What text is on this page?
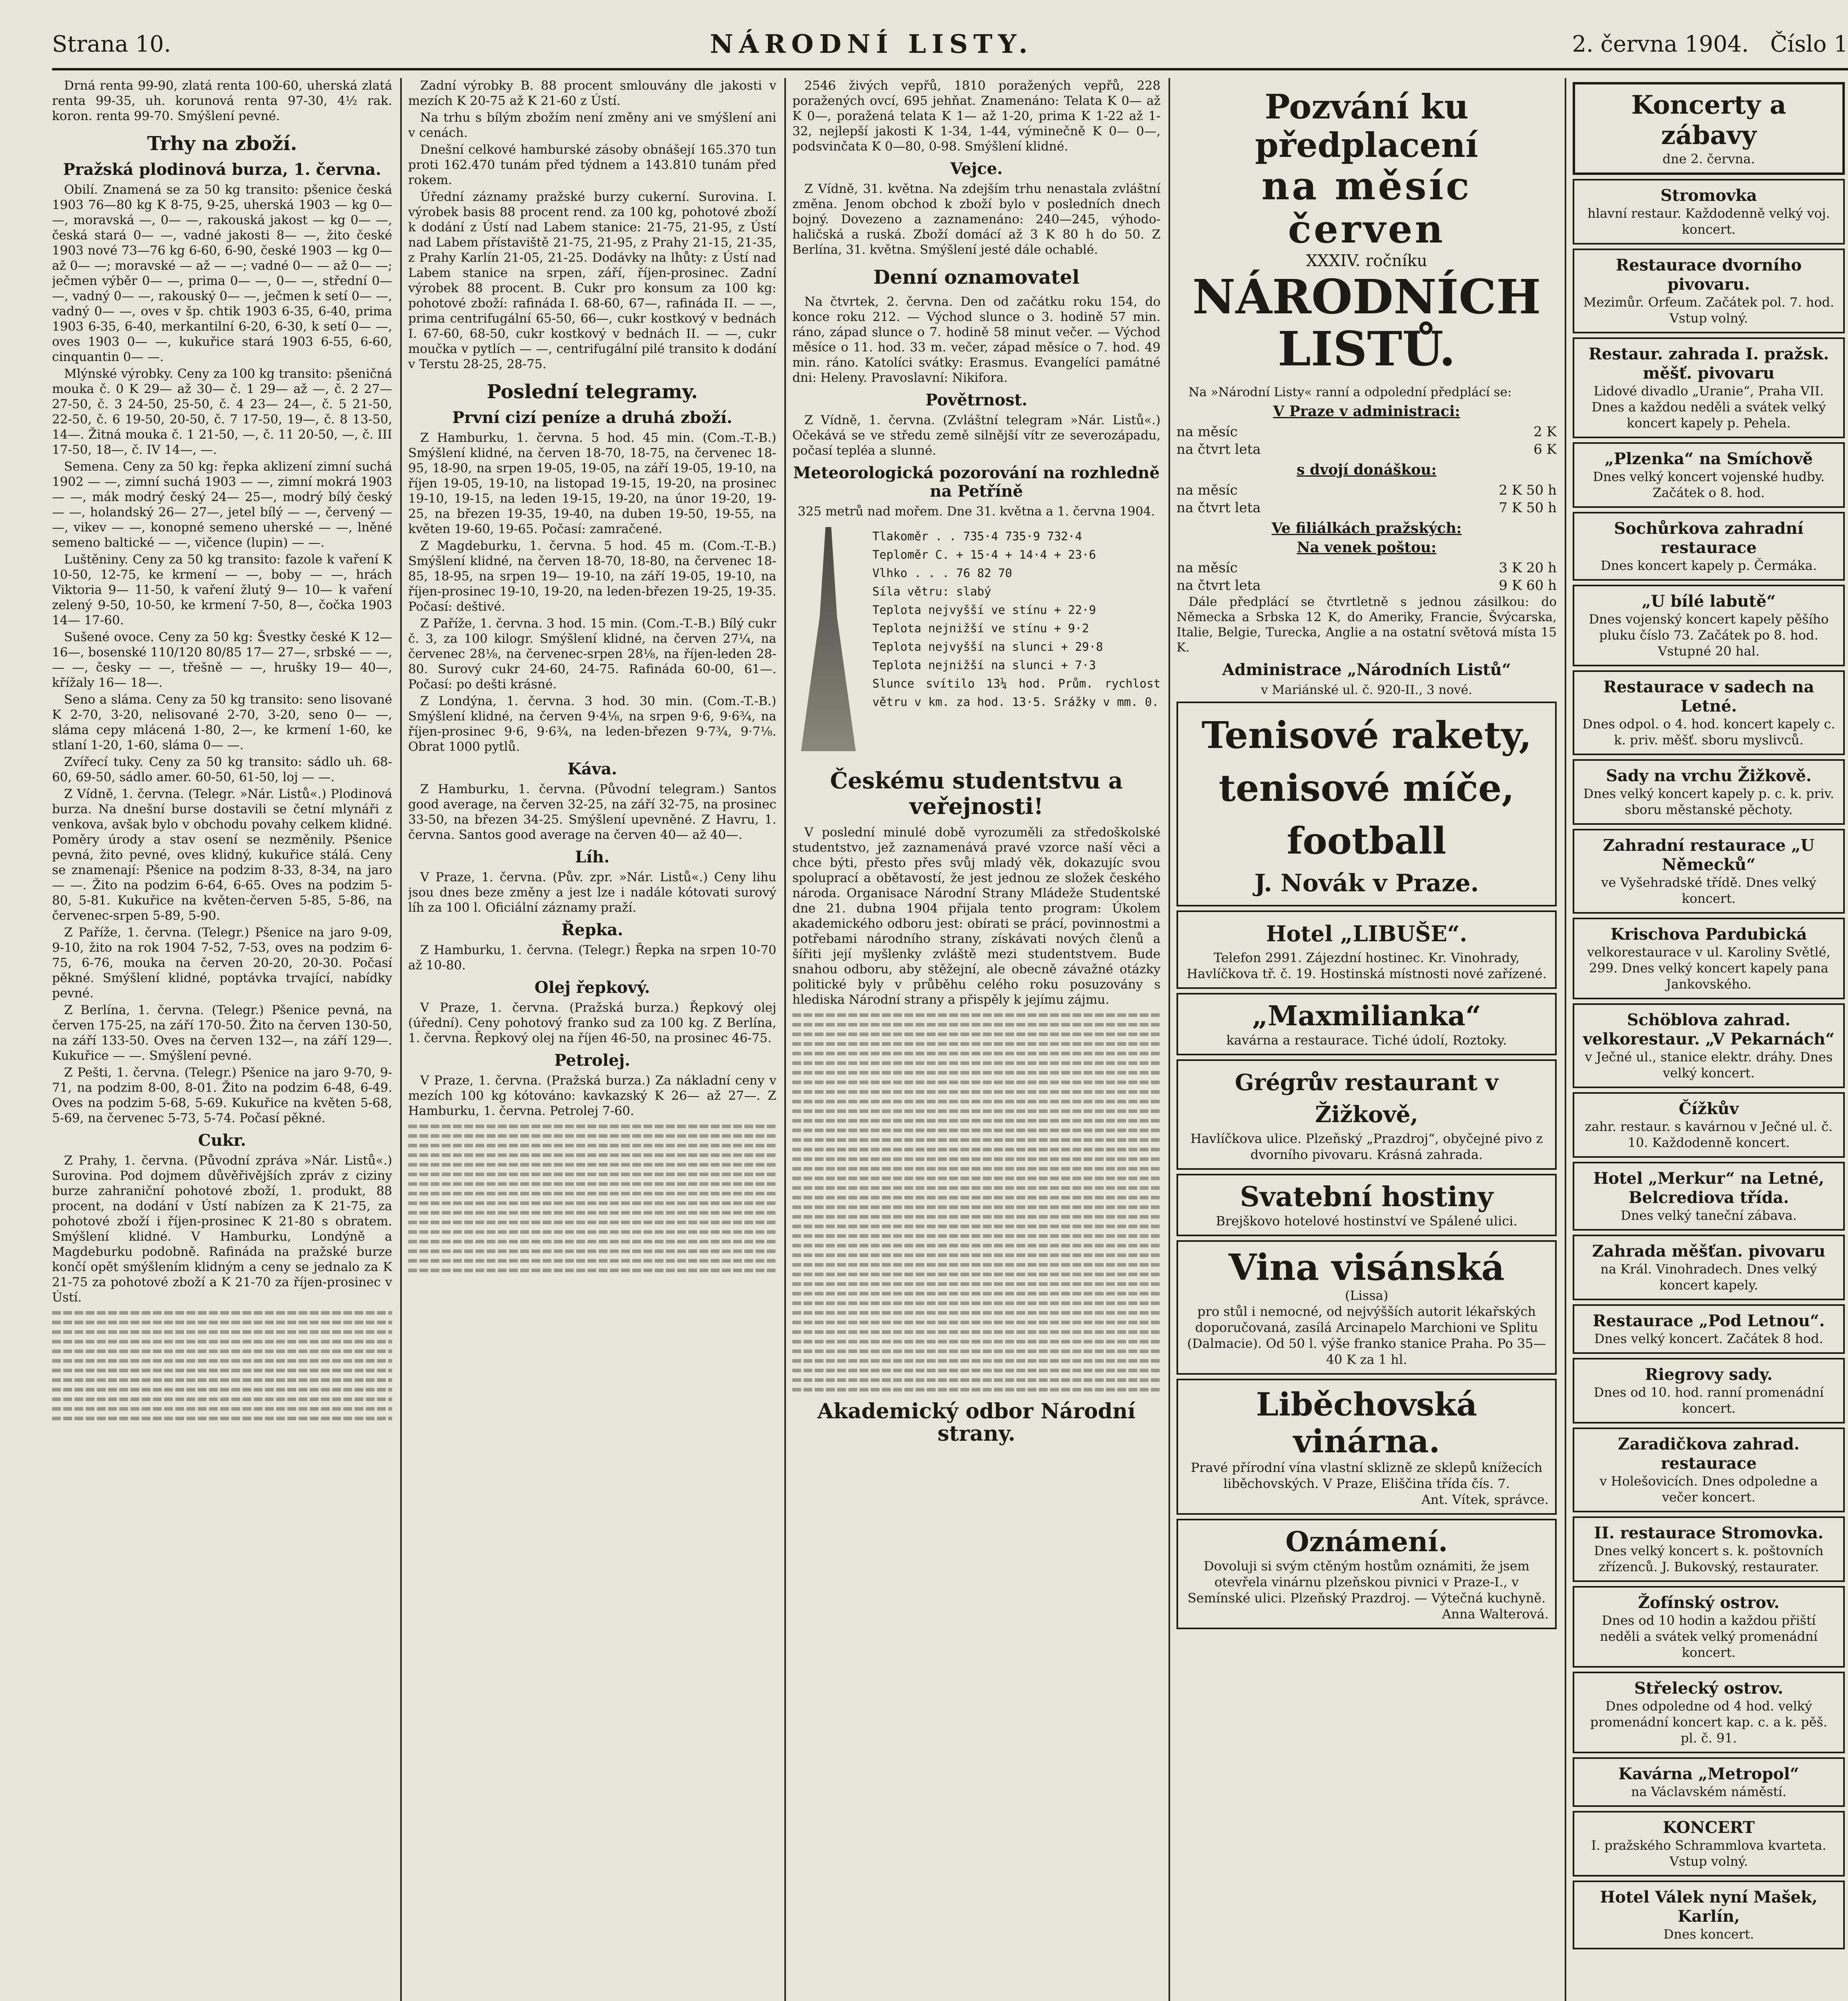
Strana 10.	NÁRODNÍ LISTY.	2. června 1904. Číslo 1

Drná renta 99-90, zlatá renta 100-60, uherská zlatá renta 99-35, uh. korunová renta 97-30, 4½ rak. koron. renta 99-70. Smýšlení pevné.

Trhy na zboží.
Pražská plodinová burza, 1. června.

Obilí. Znamená se za 50 kg transito: pšenice česká 1903 76—80 kg K 8-75, 9-25, uherská 1903 — kg 0— —, moravská —, 0— —, rakouská jakost — kg 0— —, česká stará 0— —, vadné jakosti 8— —, žito české 1903 nové 73—76 kg 6-60, 6-90, české 1903 — kg 0— až 0— —; moravské — až — —; vadné 0— — až 0— —; ječmen výběr 0— —, prima 0— —, 0— —, střední 0— —, vadný 0— —, rakouský 0— —, ječmen k setí 0— —, vadný 0— —, oves v šp. chtik 1903 6-35, 6-40, prima 1903 6-35, 6-40, merkantilní 6-20, 6-30, k setí 0— —, oves 1903 0— —, kukuřice stará 1903 6-55, 6-60, cinquantin 0— —.

Mlýnské výrobky. Ceny za 100 kg transito: pšeničná mouka č. 0 K 29— až 30— č. 1 29— až —, č. 2 27— 27-50, č. 3 24-50, 25-50, č. 4 23— 24—, č. 5 21-50, 22-50, č. 6 19-50, 20-50, č. 7 17-50, 19—, č. 8 13-50, 14—. Žitná mouka č. 1 21-50, —, č. 11 20-50, —, č. III 17-50, 18—, č. IV 14—, —.

Semena. Ceny za 50 kg: řepka aklizení zimní suchá 1902 — —, zimní suchá 1903 — —, zimní mokrá 1903 — —, mák modrý český 24— 25—, modrý bílý český — —, holandský 26— 27—, jetel bílý — —, červený — —, vikev — —, konopné semeno uherské — —, lněné semeno baltické — —, vičence (lupin) — —.

Luštěniny. Ceny za 50 kg transito: fazole k vaření K 10-50, 12-75, ke krmení — —, boby — —, hrách Viktoria 9— 11-50, k vaření žlutý 9— 10— k vaření zelený 9-50, 10-50, ke krmení 7-50, 8—, čočka 1903 14— 17-60.

Sušené ovoce. Ceny za 50 kg: Švestky české K 12— 16—, bosenské 110/120 80/85 17— 27—, srbské — —, — —, česky — —, třešně — —, hrušky 19— 40—, křížaly 16— 18—.

Seno a sláma. Ceny za 50 kg transito: seno lisované K 2-70, 3-20, nelisované 2-70, 3-20, seno 0— —, sláma cepy mlácená 1-80, 2—, ke krmení 1-60, ke stlaní 1-20, 1-60, sláma 0— —.

Zvířecí tuky. Ceny za 50 kg transito: sádlo uh. 68-60, 69-50, sádlo amer. 60-50, 61-50, loj — —.

Z Vídně, 1. června. (Telegr. »Nár. Listů«.) Plodinová burza. Na dnešní burse dostavili se četní mlynáři z venkova, avšak bylo v obchodu povahy celkem klidné. Poměry úrody a stav osení se nezměnily. Pšenice pevná, žito pevné, oves klidný, kukuřice stálá. Ceny se znamenají: Pšenice na podzim 8-33, 8-34, na jaro — —. Žito na podzim 6-64, 6-65. Oves na podzim 5-80, 5-81. Kukuřice na květen-červen 5-85, 5-86, na červenec-srpen 5-89, 5-90.

Z Paříže, 1. června. (Telegr.) Pšenice na jaro 9-09, 9-10, žito na rok 1904 7-52, 7-53, oves na podzim 6-75, 6-76, mouka na červen 20-20, 20-30. Počasí pěkné. Smýšlení klidné, poptávka trvající, nabídky pevné.

Z Berlína, 1. června. (Telegr.) Pšenice pevná, na červen 175-25, na září 170-50. Žito na červen 130-50, na září 133-50. Oves na červen 132—, na září 129—. Kukuřice — —. Smýšlení pevné.

Z Pešti, 1. června. (Telegr.) Pšenice na jaro 9-70, 9-71, na podzim 8-00, 8-01. Žito na podzim 6-48, 6-49. Oves na podzim 5-68, 5-69. Kukuřice na květen 5-68, 5-69, na červenec 5-73, 5-74. Počasí pěkné.

Cukr.

Z Prahy, 1. června. (Původní zpráva »Nár. Listů«.) Surovina. Pod dojmem důvěřivějších zpráv z ciziny burze zahraniční pohotové zboží, 1. produkt, 88 procent, na dodání v Ústí nabízen za K 21-75, za pohotové zboží i říjen-prosinec K 21-80 s obratem. Smýšlení klidné. V Hamburku, Londýně a Magdeburku podobně. Rafináda na pražské burze končí opět smýšlením klidným a ceny se jednalo za K 21-75 za pohotové zboží a K 21-70 za říjen-prosinec v Ústí.

Zadní výrobky B. 88 procent smlouvány dle jakosti v mezích K 20-75 až K 21-60 z Ústí.

Na trhu s bílým zbožím není změny ani ve smýšlení ani v cenách.

Dnešní celkové hamburské zásoby obnášejí 165.370 tun proti 162.470 tunám před týdnem a 143.810 tunám před rokem.

Úřední záznamy pražské burzy cukerní. Surovina. I. výrobek basis 88 procent rend. za 100 kg, pohotové zboží k dodání z Ústí nad Labem stanice: 21-75, 21-95, z Ústí nad Labem přístaviště 21-75, 21-95, z Prahy 21-15, 21-35, z Prahy Karlín 21-05, 21-25. Dodávky na lhůty: z Ústí nad Labem stanice na srpen, září, říjen-prosinec. Zadní výrobek 88 procent. B. Cukr pro konsum za 100 kg: pohotové zboží: rafináda I. 68-60, 67—, rafináda II. — —, prima centrifugální 65-50, 66—, cukr kostkový v bednách I. 67-60, 68-50, cukr kostkový v bednách II. — —, cukr moučka v pytlích — —, centrifugální pilé transito k dodání v Terstu 28-25, 28-75.

Poslední telegramy.
První cizí peníze a druhá zboží.

Z Hamburku, 1. června. 5 hod. 45 min. (Com.-T.-B.) Smýšlení klidné, na červen 18-70, 18-75, na červenec 18-95, 18-90, na srpen 19-05, 19-05, na září 19-05, 19-10, na říjen 19-05, 19-10, na listopad 19-15, 19-20, na prosinec 19-10, 19-15, na leden 19-15, 19-20, na únor 19-20, 19-25, na březen 19-35, 19-40, na duben 19-50, 19-55, na květen 19-60, 19-65. Počasí: zamračené.

Z Magdeburku, 1. června. 5 hod. 45 m. (Com.-T.-B.) Smýšlení klidné, na červen 18-70, 18-80, na červenec 18-85, 18-95, na srpen 19— 19-10, na září 19-05, 19-10, na říjen-prosinec 19-10, 19-20, na leden-březen 19-25, 19-35. Počasí: deštivé.

Z Paříže, 1. června. 3 hod. 15 min. (Com.-T.-B.) Bílý cukr č. 3, za 100 kilogr. Smýšlení klidné, na červen 27¼, na červenec 28⅛, na červenec-srpen 28⅛, na říjen-leden 28-80. Surový cukr 24-60, 24-75. Rafináda 60-00, 61—. Počasí: po dešti krásné.

Z Londýna, 1. června. 3 hod. 30 min. (Com.-T.-B.) Smýšlení klidné, na červen 9·4⅛, na srpen 9·6, 9·6¾, na říjen-prosinec 9·6, 9·6¾, na leden-březen 9·7¾, 9·7⅛. Obrat 1000 pytlů.

Káva.

Z Hamburku, 1. června. (Původní telegram.) Santos good average, na červen 32-25, na září 32-75, na prosinec 33-50, na březen 34-25. Smýšlení upevněné. Z Havru, 1. června. Santos good average na červen 40— až 40—.

Líh.

V Praze, 1. června. (Pův. zpr. »Nár. Listů«.) Ceny lihu jsou dnes beze změny a jest lze i nadále kótovati surový líh za 100 l. Oficiální záznamy praží.

Řepka.

Z Hamburku, 1. června. (Telegr.) Řepka na srpen 10-70 až 10-80.

Olej řepkový.

V Praze, 1. června. (Pražská burza.) Řepkový olej (úřední). Ceny pohotový franko sud za 100 kg. Z Berlína, 1. června. Řepkový olej na říjen 46-50, na prosinec 46-75.

Petrolej.

V Praze, 1. června. (Pražská burza.) Za nákladní ceny v mezích 100 kg kótováno: kavkazský K 26— až 27—. Z Hamburku, 1. června. Petrolej 7-60.

2546 živých vepřů, 1810 poražených vepřů, 228 poražených ovcí, 695 jehňat. Znamenáno: Telata K 0— až K 0—, poražená telata K 1— až 1-20, prima K 1-22 až 1-32, nejlepší jakosti K 1-34, 1-44, výminečně K 0— 0—, podsvinčata K 0—80, 0-98. Smýšlení klidné.

Vejce.

Z Vídně, 31. května. Na zdejším trhu nenastala zvláštní změna. Jenom obchod k zboží bylo v posledních dnech bojný. Dovezeno a zaznamenáno: 240—245, výhodo-haličská a ruská. Zboží domácí až 3 K 80 h do 50. Z Berlína, 31. května. Smýšlení jesté dále ochablé.

Denní oznamovatel

Na čtvrtek, 2. června. Den od začátku roku 154, do konce roku 212. — Východ slunce o 3. hodině 57 min. ráno, západ slunce o 7. hodině 58 minut večer. — Východ měsíce o 11. hod. 33 m. večer, západ měsíce o 7. hod. 49 min. ráno. Katolíci svátky: Erasmus. Evangelíci památné dni: Heleny. Pravoslavní: Nikifora.

Povětrnost.

Z Vídně, 1. června. (Zvláštní telegram »Nár. Listů«.) Očekává se ve středu země silnější vítr ze severozápadu, počasí tepléa a slunné.

Meteorologická pozorování na rozhledně na Petříně
325 metrů nad mořem. Dne 31. května a 1. června 1904.
Tlakoměr . . 735·4 735·9 732·4
Teploměr C. + 15·4 + 14·4 + 23·6
Vlhko . . . 76 82 70
Síla větru: slabý
Teplota nejvyšší ve stínu + 22·9
Teplota nejnižší ve stínu + 9·2
Teplota nejvyšší na slunci + 29·8
Teplota nejnižší na slunci + 7·3
Slunce svítilo 13¼ hod. Prům. rychlost větru v km. za hod. 13·5. Srážky v mm. 0.
Českému studentstvu a veřejnosti!

V poslední minulé době vyrozuměli za středoškolské studentstvo, jež zaznamenává pravé vzorce naší věci a chce býti, přesto přes svůj mladý věk, dokazujíc svou spoluprací a obětavostí, že jest jednou ze složek českého národa. Organisace Národní Strany Mládeže Studentské dne 21. dubna 1904 přijala tento program: Úkolem akademického odboru jest: obírati se prácí, povinnostmi a potřebami národního strany, získávati nových členů a šířiti její myšlenky zvláště mezi studentstvem. Bude snahou odboru, aby stěžejní, ale obecně závažné otázky politické byly v průběhu celého roku posuzovány s hlediska Národní strany a přispěly k jejímu zájmu.

Akademický odbor Národní strany.
Pozvání ku předplacení
na měsíc červen
XXXIV. ročníku
NÁRODNÍCH LISTŮ.

Na »Národní Listy« ranní a odpolední předplácí se:

V Praze v administraci:
na měsíc	2 K
na čtvrt leta	6 K
s dvojí donáškou:
na měsíc	2 K 50 h
na čtvrt leta	7 K 50 h
Ve filiálkách pražských:
Na venek poštou:
na měsíc	3 K 20 h
na čtvrt leta	9 K 60 h

Dále předplácí se čtvrtletně s jednou zásilkou: do Německa a Srbska 12 K, do Ameriky, Francie, Švýcarska, Italie, Belgie, Turecka, Anglie a na ostatní světová místa 15 K.

Administrace „Národních Listů“
v Mariánské ul. č. 920-II., 3 nové.
Tenisové rakety,
tenisové míče,
football
J. Novák v Praze.
Hotel „LIBUŠE“.
Telefon 2991. Zájezdní hostinec. Kr. Vinohrady, Havlíčkova tř. č. 19. Hostinská místnosti nové zařízené.
„Maxmilianka“
kavárna a restaurace. Tiché údolí, Roztoky.
Grégrův restaurant v Žižkově,
Havlíčkova ulice. Plzeňský „Prazdroj“, obyčejné pivo z dvorního pivovaru. Krásná zahrada.
Svatební hostiny
Brejškovo hotelové hostinství ve Spálené ulici.
Vina visánská
(Lissa)
pro stůl i nemocné, od nejvýšších autorit lékařských doporučovaná, zasílá Arcinapelo Marchioni ve Splitu (Dalmacie). Od 50 l. výše franko stanice Praha. Po 35—40 K za 1 hl.
Liběchovská vinárna.
Pravé přírodní vína vlastní sklizně ze sklepů knížecích liběchovských. V Praze, Eliščina třída čís. 7.
Ant. Vítek, správce.
Oznámení.
Dovoluji si svým ctěným hostům oznámiti, že jsem otevřela vinárnu plzeňskou pivnici v Praze-I., v Semínské ulici. Plzeňský Prazdroj. — Výtečná kuchyně.
Anna Walterová.
Koncerty a zábavy
dne 2. června.
Stromovka
hlavní restaur. Každodenně velký voj. koncert.
Restaurace dvorního pivovaru.
Mezimůr. Orfeum. Začátek pol. 7. hod. Vstup volný.
Restaur. zahrada I. pražsk. měšť. pivovaru
Lidové divadlo „Uranie“, Praha VII. Dnes a každou neděli a svátek velký koncert kapely p. Pehela.
„Plzenka“ na Smíchově
Dnes velký koncert vojenské hudby. Začátek o 8. hod.
Sochůrkova zahradní restaurace
Dnes koncert kapely p. Čermáka.
„U bílé labutě“
Dnes vojenský koncert kapely pěšího pluku číslo 73. Začátek po 8. hod. Vstupné 20 hal.
Restaurace v sadech na Letné.
Dnes odpol. o 4. hod. koncert kapely c. k. priv. měšť. sboru myslivců.
Sady na vrchu Žižkově.
Dnes velký koncert kapely p. c. k. priv. sboru městanské pěchoty.
Zahradní restaurace „U Německů“
ve Vyšehradské třídě. Dnes velký koncert.
Krischova Pardubická
velkorestaurace v ul. Karoliny Světlé, 299. Dnes velký koncert kapely pana Jankovského.
Schöblova zahrad. velkorestaur. „V Pekarnách“
v Ječné ul., stanice elektr. dráhy. Dnes velký koncert.
Čížkův
zahr. restaur. s kavárnou v Ječné ul. č. 10. Každodenně koncert.
Hotel „Merkur“ na Letné, Belcrediova třída.
Dnes velký taneční zábava.
Zahrada měšťan. pivovaru
na Král. Vinohradech. Dnes velký koncert kapely.
Restaurace „Pod Letnou“.
Dnes velký koncert. Začátek 8 hod.
Riegrovy sady.
Dnes od 10. hod. ranní promenádní koncert.
Zaradičkova zahrad. restaurace
v Holešovicích. Dnes odpoledne a večer koncert.
II. restaurace Stromovka.
Dnes velký koncert s. k. poštovních zřízenců. J. Bukovský, restaurater.
Žofínský ostrov.
Dnes od 10 hodin a každou přiští neděli a svátek velký promenádní koncert.
Střelecký ostrov.
Dnes odpoledne od 4 hod. velký promenádní koncert kap. c. a k. pěš. pl. č. 91.
Kavárna „Metropol“
na Václavském náměstí.
KONCERT
I. pražského Schrammlova kvarteta. Vstup volný.
Hotel Válek nyní Mašek, Karlín,
Dnes koncert.
